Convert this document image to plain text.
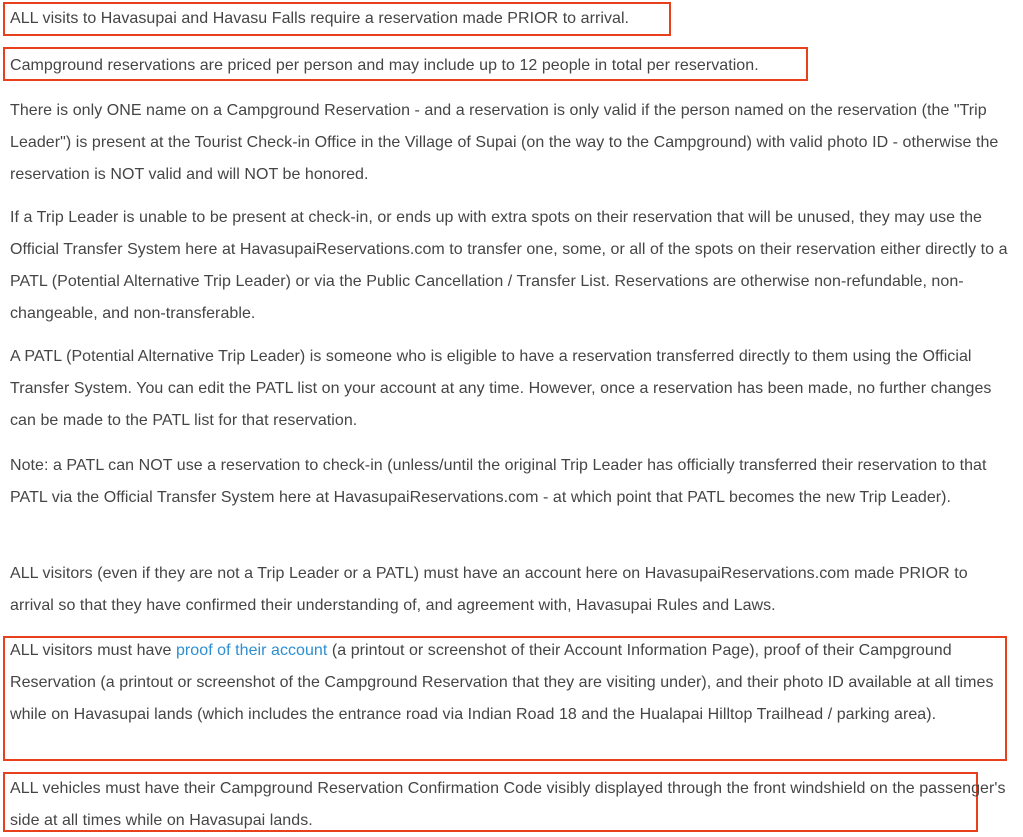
ALL visits to Havasupai and Havasu Falls require a reservation made PRIOR to arrival.

Campground reservations are priced per person and may include up to 12 people in total per reservation.

There is only ONE name on a Campground Reservation - and a reservation is only valid if the person named on the reservation (the "Trip Leader") is present at the Tourist Check-in Office in the Village of Supai (on the way to the Campground) with valid photo ID - otherwise the reservation is NOT valid and will NOT be honored.

If a Trip Leader is unable to be present at check-in, or ends up with extra spots on their reservation that will be unused, they may use the Official Transfer System here at HavasupaiReservations.com to transfer one, some, or all of the spots on their reservation either directly to a PATL (Potential Alternative Trip Leader) or via the Public Cancellation / Transfer List. Reservations are otherwise non-refundable, non-changeable, and non-transferable.

A PATL (Potential Alternative Trip Leader) is someone who is eligible to have a reservation transferred directly to them using the Official Transfer System. You can edit the PATL list on your account at any time. However, once a reservation has been made, no further changes can be made to the PATL list for that reservation.

Note: a PATL can NOT use a reservation to check-in (unless/until the original Trip Leader has officially transferred their reservation to that PATL via the Official Transfer System here at HavasupaiReservations.com - at which point that PATL becomes the new Trip Leader).

ALL visitors (even if they are not a Trip Leader or a PATL) must have an account here on HavasupaiReservations.com made PRIOR to arrival so that they have confirmed their understanding of, and agreement with, Havasupai Rules and Laws.

ALL visitors must have proof of their account (a printout or screenshot of their Account Information Page), proof of their Campground Reservation (a printout or screenshot of the Campground Reservation that they are visiting under), and their photo ID available at all times while on Havasupai lands (which includes the entrance road via Indian Road 18 and the Hualapai Hilltop Trailhead / parking area).

ALL vehicles must have their Campground Reservation Confirmation Code visibly displayed through the front windshield on the passenger's side at all times while on Havasupai lands.
